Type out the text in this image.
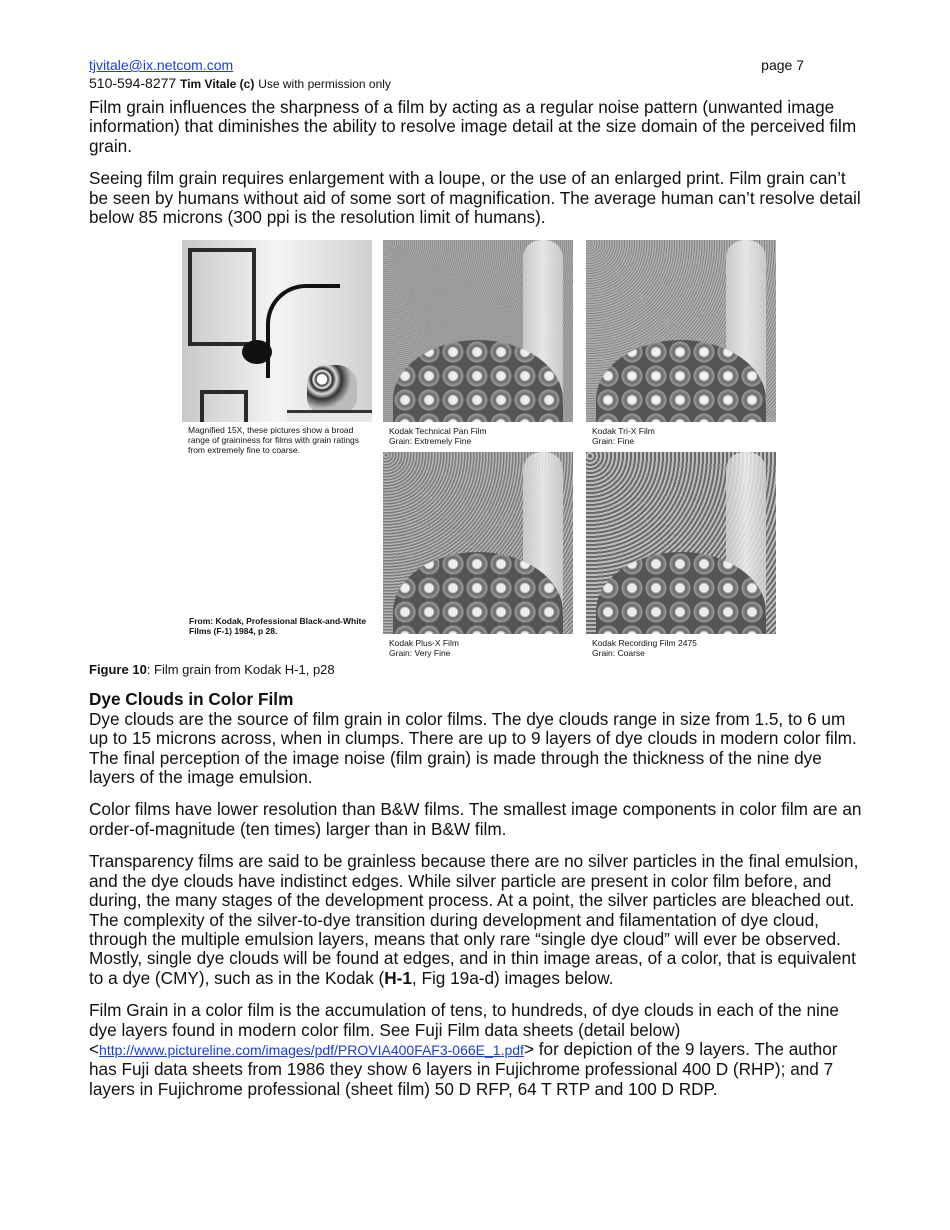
tjvitale@ix.netcom.com	page 7
510-594-8277 Tim Vitale (c) Use with permission only

Film grain influences the sharpness of a film by acting as a regular noise pattern (unwanted image information) that diminishes the ability to resolve image detail at the size domain of the perceived film grain.

Seeing film grain requires enlargement with a loupe, or the use of an enlarged print. Film grain can’t be seen by humans without aid of some sort of magnification. The average human can’t resolve detail below 85 microns (300 ppi is the resolution limit of humans).

Magnified 15X, these pictures show a broad range of graininess for films with grain ratings from extremely fine to coarse.
Kodak Technical Pan Film
Grain: Extremely Fine
Kodak Tri-X Film
Grain: Fine
Kodak Plus-X Film
Grain: Very Fine
Kodak Recording Film 2475
Grain: Coarse
From: Kodak, Professional Black-and-White Films (F-1) 1984, p 28.
Figure 10: Film grain from Kodak H-1, p28
Dye Clouds in Color Film

Dye clouds are the source of film grain in color films. The dye clouds range in size from 1.5, to 6 um up to 15 microns across, when in clumps. There are up to 9 layers of dye clouds in modern color film. The final perception of the image noise (film grain) is made through the thickness of the nine dye layers of the image emulsion.

Color films have lower resolution than B&W films. The smallest image components in color film are an order-of-magnitude (ten times) larger than in B&W film.

Transparency films are said to be grainless because there are no silver particles in the final emulsion, and the dye clouds have indistinct edges. While silver particle are present in color film before, and during, the many stages of the development process. At a point, the silver particles are bleached out. The complexity of the silver-to-dye transition during development and filamentation of dye cloud, through the multiple emulsion layers, means that only rare “single dye cloud” will ever be observed. Mostly, single dye clouds will be found at edges, and in thin image areas, of a color, that is equivalent to a dye (CMY), such as in the Kodak (H-1, Fig 19a-d) images below.

Film Grain in a color film is the accumulation of tens, to hundreds, of dye clouds in each of the nine dye layers found in modern color film. See Fuji Film data sheets (detail below) <http://www.pictureline.com/images/pdf/PROVIA400FAF3-066E_1.pdf> for depiction of the 9 layers. The author has Fuji data sheets from 1986 they show 6 layers in Fujichrome professional 400 D (RHP); and 7 layers in Fujichrome professional (sheet film) 50 D RFP, 64 T RTP and 100 D RDP.
